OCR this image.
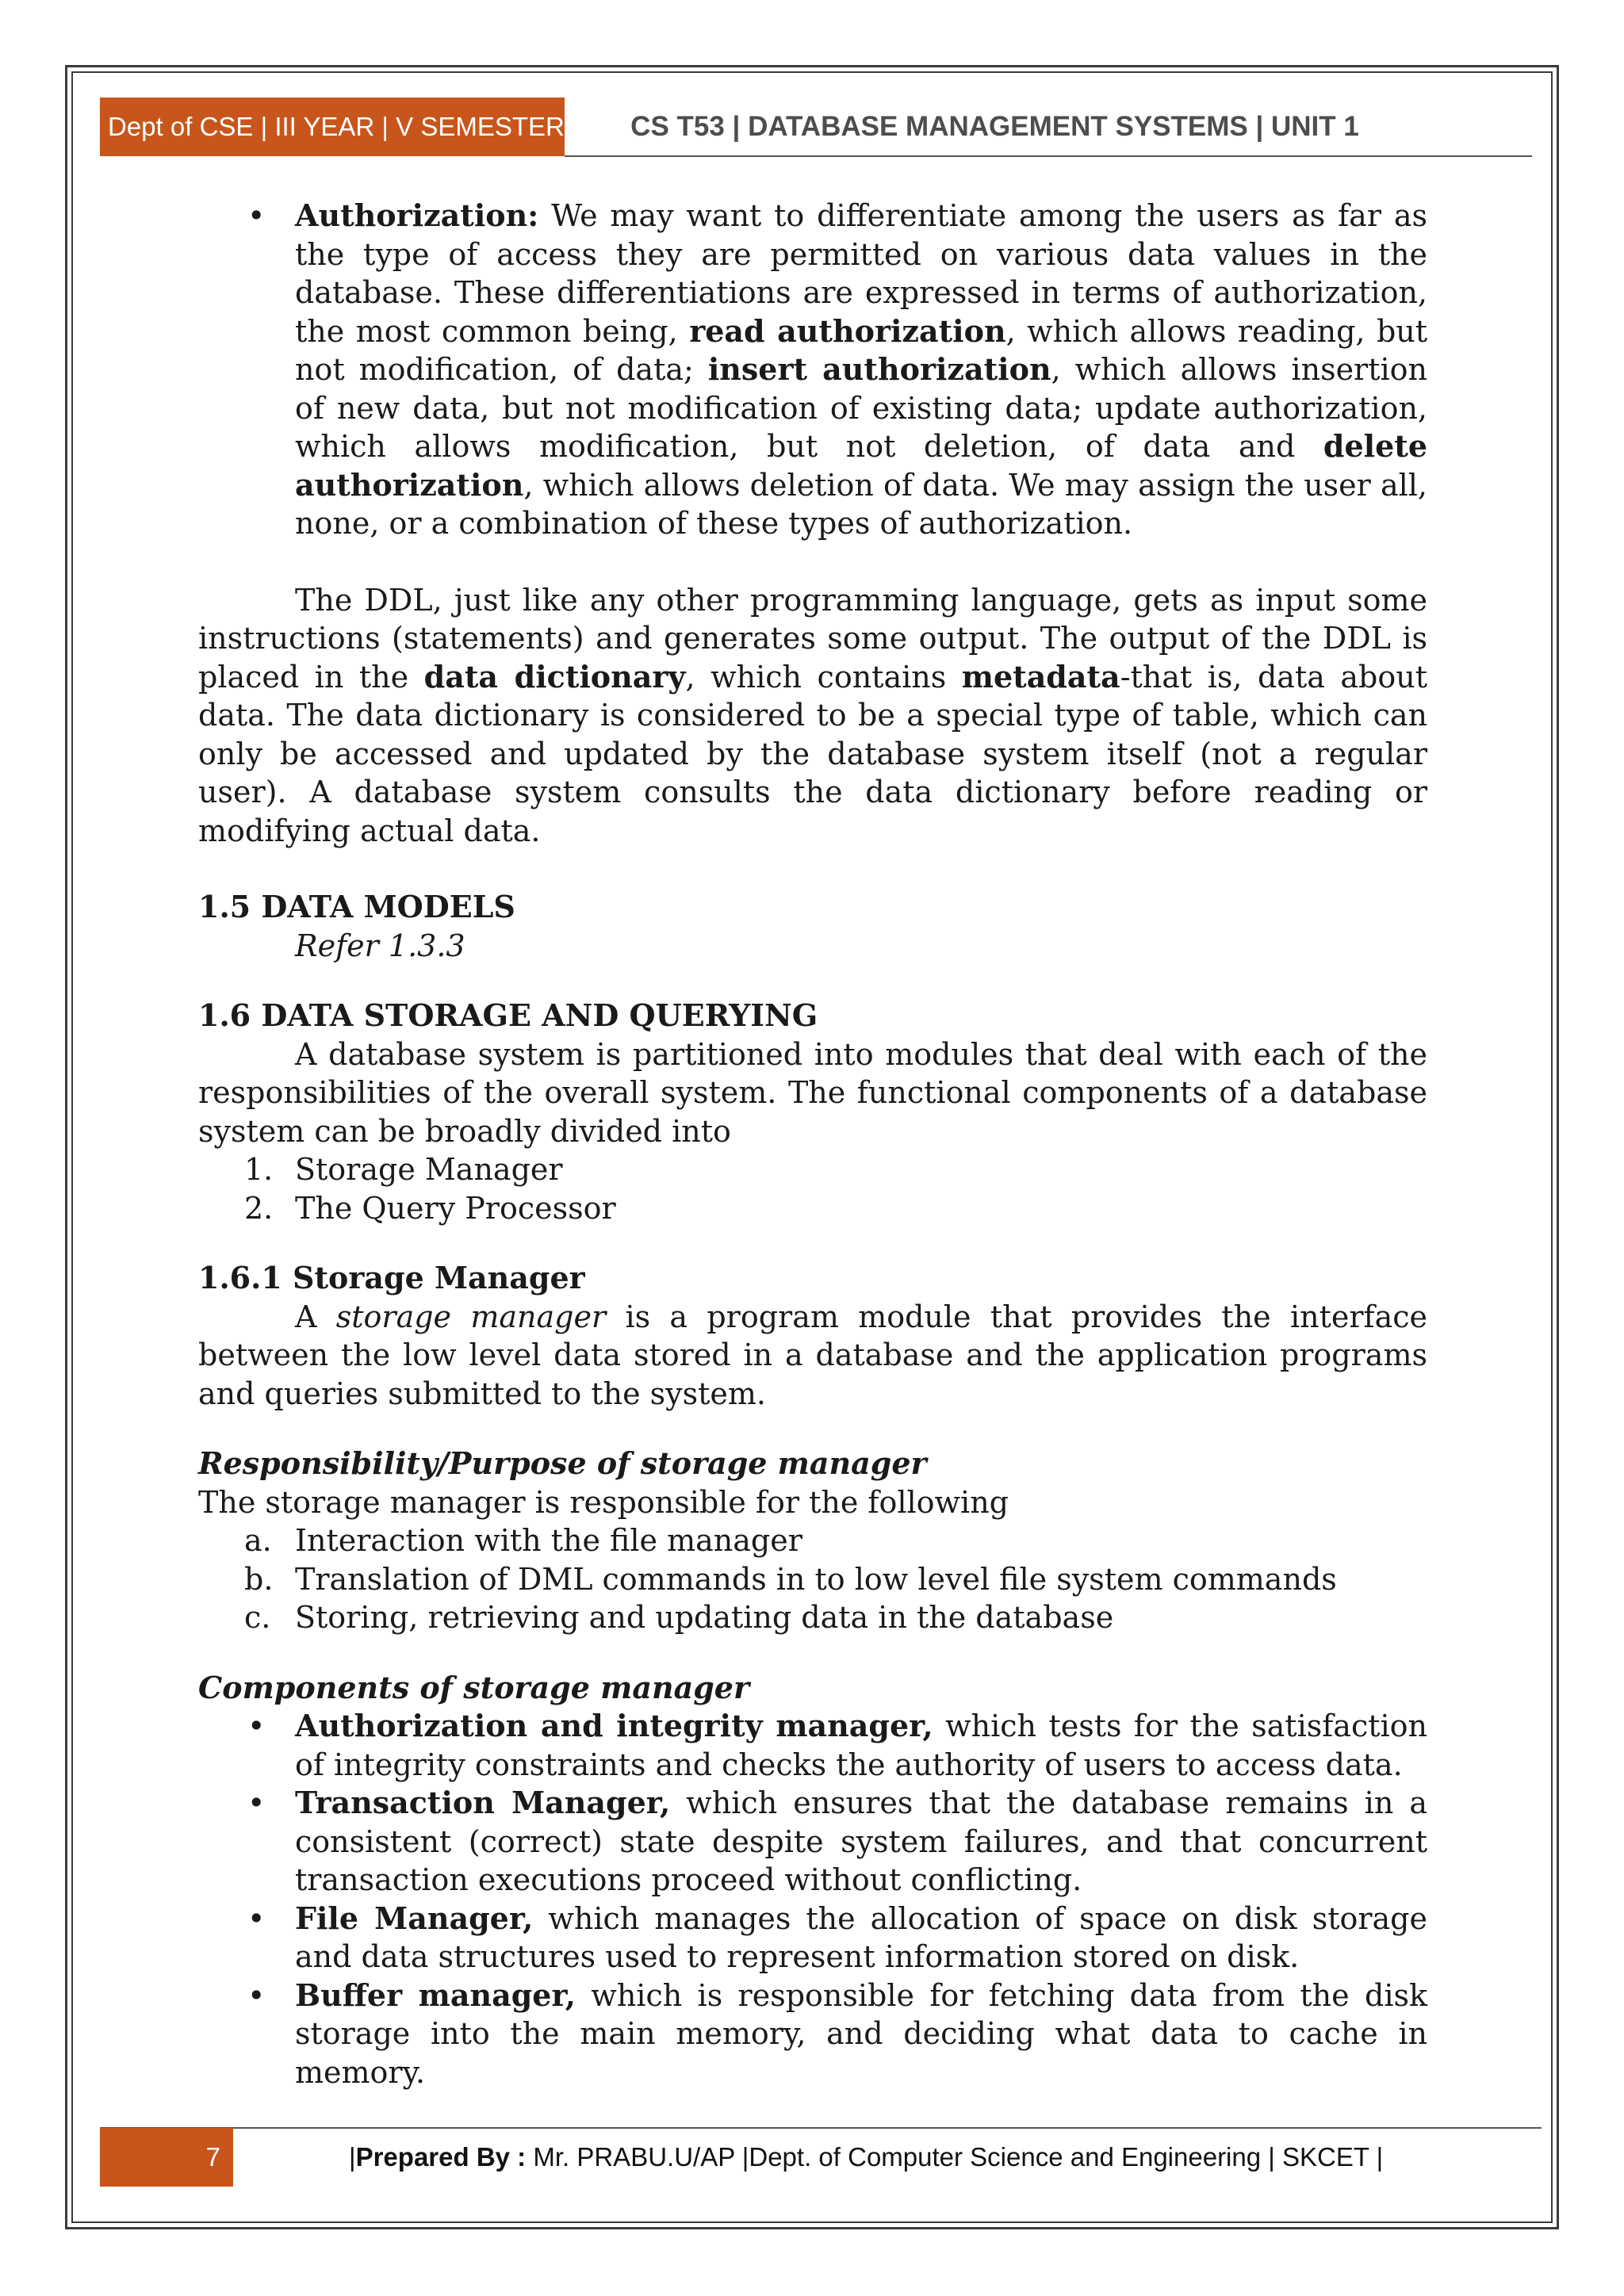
Dept of CSE | III YEAR | V SEMESTER	CS T53 | DATABASE MANAGEMENT SYSTEMS | UNIT 1
• Authorization: We may want to differentiate among the users as far as the type of access they are permitted on various data values in the database. These differentiations are expressed in terms of authorization, the most common being, read authorization, which allows reading, but not modification, of data; insert authorization, which allows insertion of new data, but not modification of existing data; update authorization, which allows modification, but not deletion, of data and delete authorization, which allows deletion of data. We may assign the user all, none, or a combination of these types of authorization.

The DDL, just like any other programming language, gets as input some instructions (statements) and generates some output. The output of the DDL is placed in the data dictionary, which contains metadata-that is, data about data. The data dictionary is considered to be a special type of table, which can only be accessed and updated by the database system itself (not a regular user). A database system consults the data dictionary before reading or modifying actual data.

1.5 DATA MODELS

Refer 1.3.3

1.6 DATA STORAGE AND QUERYING

A database system is partitioned into modules that deal with each of the responsibilities of the overall system. The functional components of a database system can be broadly divided into

1. Storage Manager
2. The Query Processor
1.6.1 Storage Manager

A storage manager is a program module that provides the interface between the low level data stored in a database and the application programs and queries submitted to the system.

Responsibility/Purpose of storage manager

The storage manager is responsible for the following

a. Interaction with the file manager
b. Translation of DML commands in to low level file system commands
c. Storing, retrieving and updating data in the database

Components of storage manager

• Authorization and integrity manager, which tests for the satisfaction of integrity constraints and checks the authority of users to access data.
• Transaction Manager, which ensures that the database remains in a consistent (correct) state despite system failures, and that concurrent transaction executions proceed without conflicting.
• File Manager, which manages the allocation of space on disk storage and data structures used to represent information stored on disk.
• Buffer manager, which is responsible for fetching data from the disk storage into the main memory, and deciding what data to cache in memory.
7	|Prepared By : Mr. PRABU.U/AP |Dept. of Computer Science and Engineering | SKCET |
